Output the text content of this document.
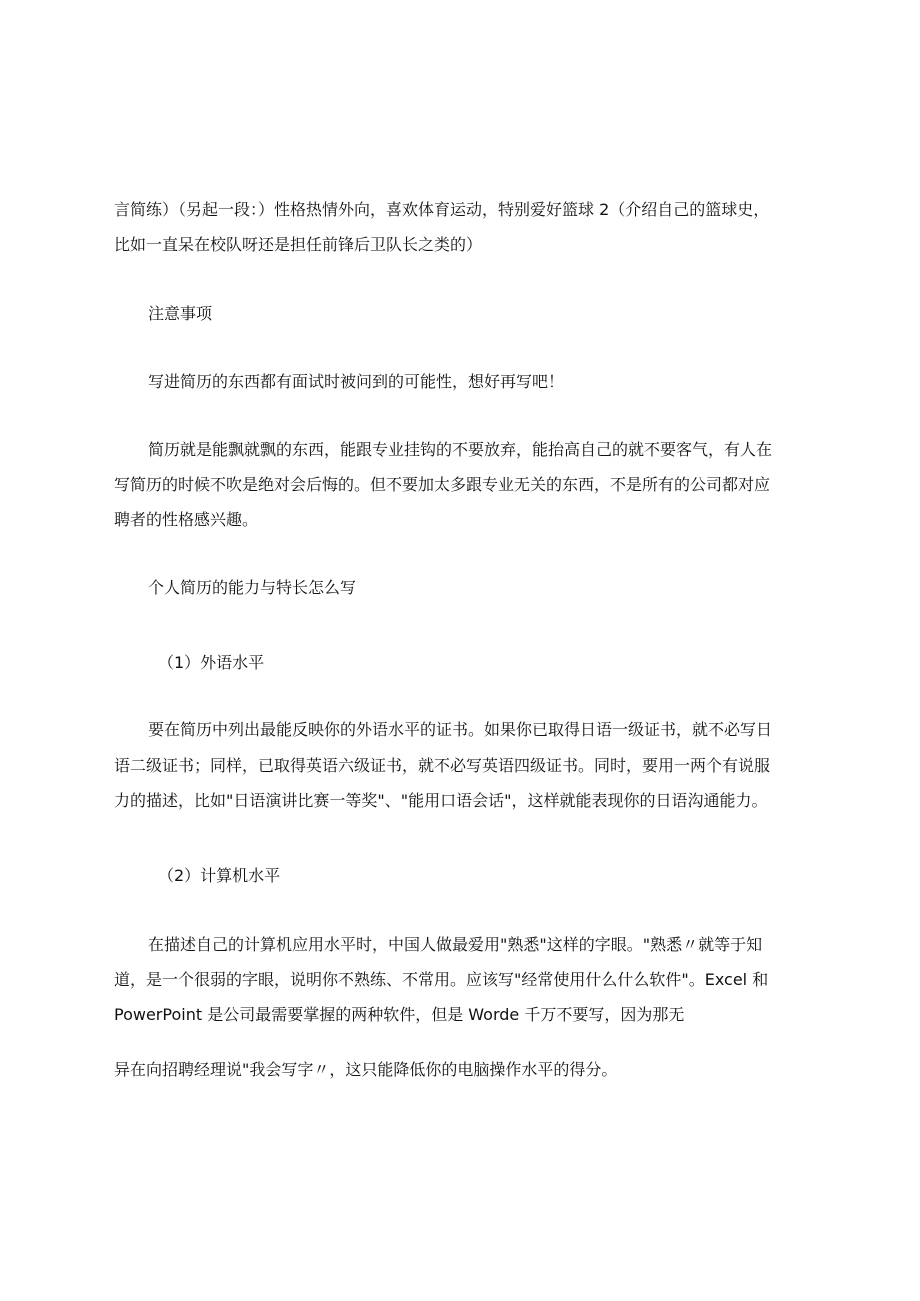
言简练）（另起一段：）性格热情外向，喜欢体育运动，特别爱好篮球 2（介绍自己的篮球史，
比如一直呆在校队呀还是担任前锋后卫队长之类的）
注意事项
写进简历的东西都有面试时被问到的可能性，想好再写吧！
简历就是能飘就飘的东西，能跟专业挂钩的不要放弃，能抬高自己的就不要客气，有人在
写简历的时候不吹是绝对会后悔的。但不要加太多跟专业无关的东西，不是所有的公司都对应
聘者的性格感兴趣。
个人简历的能力与特长怎么写
（1）外语水平
要在简历中列出最能反映你的外语水平的证书。如果你已取得日语一级证书，就不必写日
语二级证书；同样，已取得英语六级证书，就不必写英语四级证书。同时，要用一两个有说服
力的描述，比如"日语演讲比赛一等奖"、"能用口语会话"，这样就能表现你的日语沟通能力。
（2）计算机水平
在描述自己的计算机应用水平时，中国人做最爱用"熟悉"这样的字眼。"熟悉〃就等于知
道，是一个很弱的字眼，说明你不熟练、不常用。应该写"经常使用什么什么软件"。Excel 和
PowerPoint 是公司最需要掌握的两种软件，但是 Worde 千万不要写，因为那无
异在向招聘经理说"我会写字〃，这只能降低你的电脑操作水平的得分。
